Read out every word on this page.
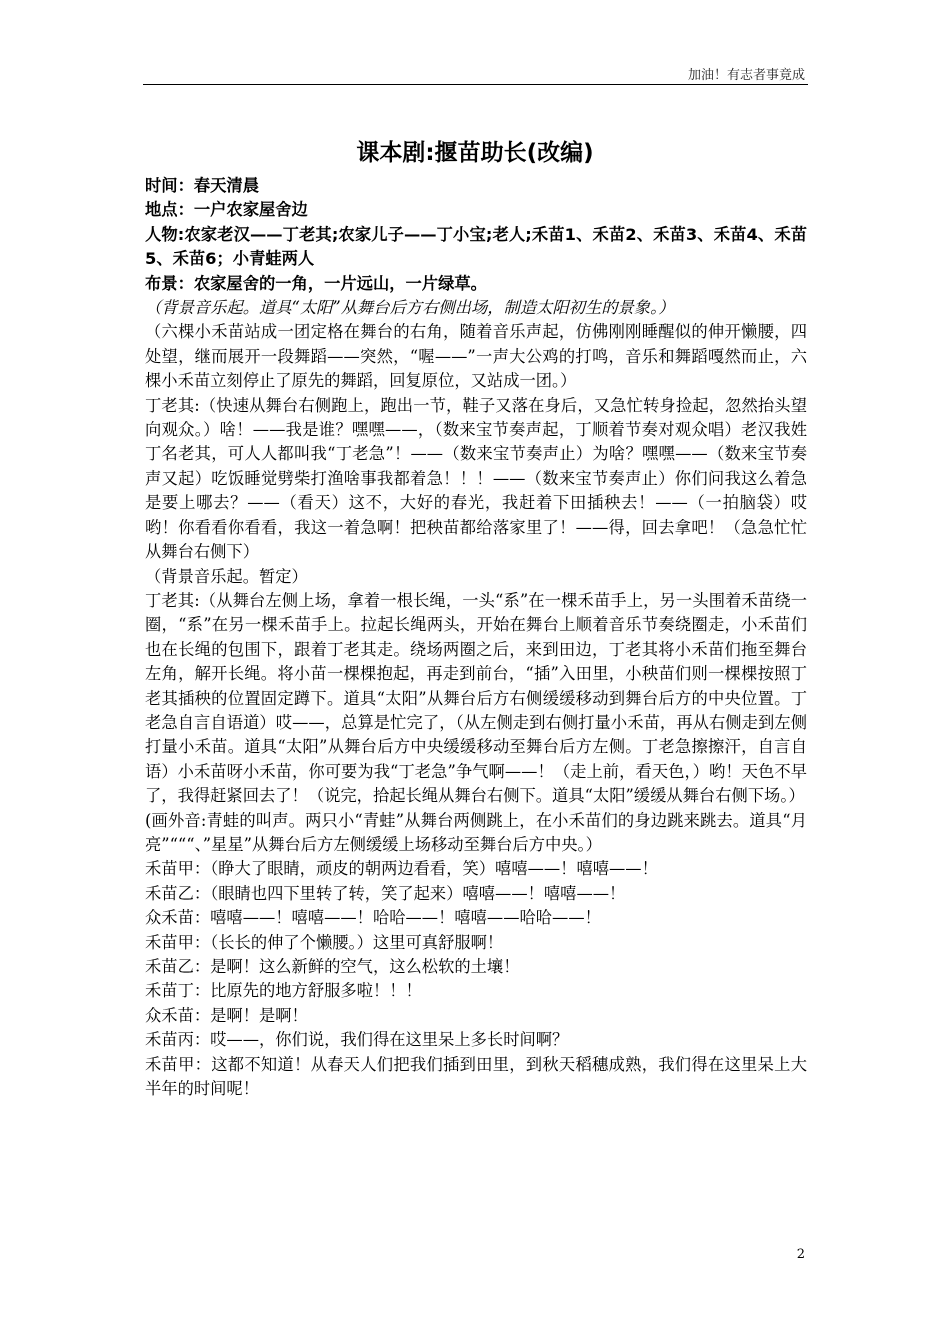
加油！有志者事竟成
课本剧:揠苗助长(改编)

时间：春天清晨

地点：一户农家屋舍边

人物:农家老汉——丁老其;农家儿子——丁小宝;老人;禾苗1、禾苗2、禾苗3、禾苗4、禾苗5、禾苗6；小青蛙两人

布景：农家屋舍的一角，一片远山，一片绿草。

（背景音乐起。道具“太阳”从舞台后方右侧出场，制造太阳初生的景象。）

（六棵小禾苗站成一团定格在舞台的右角，随着音乐声起，仿佛刚刚睡醒似的伸开懒腰，四处望，继而展开一段舞蹈——突然，“喔——”一声大公鸡的打鸣，音乐和舞蹈嘎然而止，六棵小禾苗立刻停止了原先的舞蹈，回复原位，又站成一团。）

丁老其:（快速从舞台右侧跑上，跑出一节，鞋子又落在身后，又急忙转身捡起，忽然抬头望向观众。）啥！——我是谁？嘿嘿——，（数来宝节奏声起，丁顺着节奏对观众唱）老汉我姓丁名老其，可人人都叫我“丁老急”！——（数来宝节奏声止）为啥？嘿嘿——（数来宝节奏声又起）吃饭睡觉劈柴打渔啥事我都着急！！！——（数来宝节奏声止）你们问我这么着急是要上哪去？——（看天）这不，大好的春光，我赶着下田插秧去！——（一拍脑袋）哎哟！你看看你看看，我这一着急啊！把秧苗都给落家里了！——得，回去拿吧！（急急忙忙从舞台右侧下）

（背景音乐起。暂定）

丁老其:（从舞台左侧上场，拿着一根长绳，一头“系”在一棵禾苗手上，另一头围着禾苗绕一圈，“系”在另一棵禾苗手上。拉起长绳两头，开始在舞台上顺着音乐节奏绕圈走，小禾苗们也在长绳的包围下，跟着丁老其走。绕场两圈之后，来到田边，丁老其将小禾苗们拖至舞台左角，解开长绳。将小苗一棵棵抱起，再走到前台，“插”入田里，小秧苗们则一棵棵按照丁老其插秧的位置固定蹲下。道具“太阳”从舞台后方右侧缓缓移动到舞台后方的中央位置。丁老急自言自语道）哎——，总算是忙完了，（从左侧走到右侧打量小禾苗，再从右侧走到左侧打量小禾苗。道具“太阳”从舞台后方中央缓缓移动至舞台后方左侧。丁老急擦擦汗，自言自语）小禾苗呀小禾苗，你可要为我“丁老急”争气啊——！（走上前，看天色，）哟！天色不早了，我得赶紧回去了！（说完，拾起长绳从舞台右侧下。道具“太阳”缓缓从舞台右侧下场。）

(画外音:青蛙的叫声。两只小“青蛙”从舞台两侧跳上，在小禾苗们的身边跳来跳去。道具“月亮”“““、”星星”从舞台后方左侧缓缓上场移动至舞台后方中央。）

禾苗甲：（睁大了眼睛，顽皮的朝两边看看，笑）嘻嘻——！嘻嘻——！

禾苗乙：（眼睛也四下里转了转，笑了起来）嘻嘻——！嘻嘻——！

众禾苗：嘻嘻——！嘻嘻——！哈哈——！嘻嘻——哈哈——！

禾苗甲：（长长的伸了个懒腰。）这里可真舒服啊！

禾苗乙：是啊！这么新鲜的空气，这么松软的土壤！

禾苗丁：比原先的地方舒服多啦！！！

众禾苗：是啊！是啊！

禾苗丙：哎——，你们说，我们得在这里呆上多长时间啊？

禾苗甲：这都不知道！从春天人们把我们插到田里，到秋天稻穗成熟，我们得在这里呆上大半年的时间呢！

2
